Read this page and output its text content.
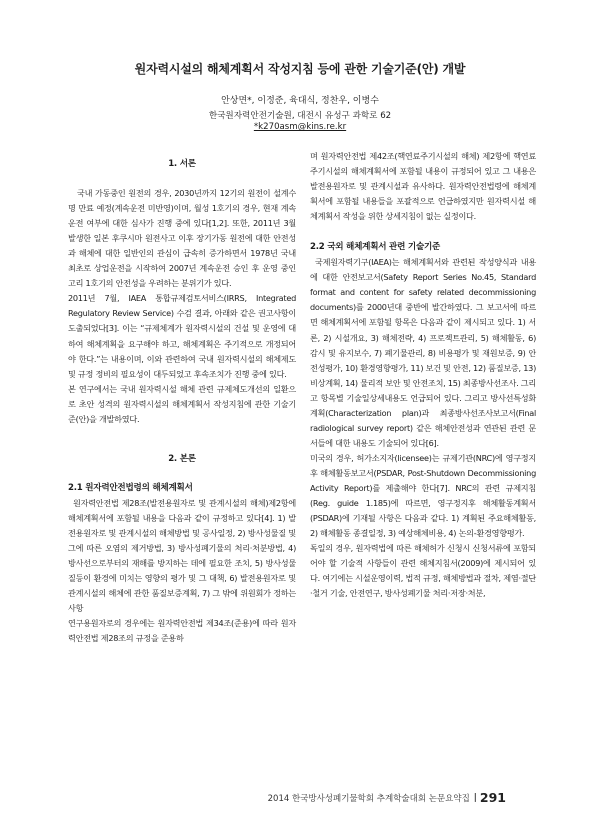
원자력시설의 해체계획서 작성지침 등에 관한 기술기준(안) 개발
안상면*, 이정준, 육대식, 정찬우, 이병수
한국원자력안전기술원, 대전시 유성구 과학로 62
*k270asm@kins.re.kr
1. 서론

국내 가동중인 원전의 경우, 2030년까지 12기의 원전이 설계수명 만료 예정(계속운전 미반영)이며, 월성 1호기의 경우, 현재 계속운전 여부에 대한 심사가 진행 중에 있다[1,2]. 또한, 2011년 3월 발생한 일본 후쿠시마 원전사고 이후 장기가동 원전에 대한 안전성과 해체에 대한 일반인의 관심이 급속히 증가하면서 1978년 국내 최초로 상업운전을 시작하여 2007년 계속운전 승인 후 운영 중인 고리 1호기의 안전성을 우려하는 분위기가 있다.

2011년 7월, IAEA 통합규제검토서비스(IRRS, Integrated Regulatory Review Service) 수검 결과, 아래와 같은 권고사항이 도출되었다[3]. 이는 “규제체계가 원자력시설의 건설 및 운영에 대하여 해체계획을 요구해야 하고, 해체계획은 주기적으로 개정되어야 한다.”는 내용이며, 이와 관련하여 국내 원자력시설의 해체제도 및 규정 정비의 필요성이 대두되었고 후속조치가 진행 중에 있다.

본 연구에서는 국내 원자력시설 해체 관련 규제체도개선의 일환으로 초안 성격의 원자력시설의 해체계획서 작성지침에 관한 기술기준(안)을 개발하였다.

2. 본론
2.1 원자력안전법령의 해체계획서

원자력안전법 제28조(발전용원자로 및 관계시설의 해체)제2항에 해체계획서에 포함될 내용을 다음과 같이 규정하고 있다[4]. 1) 발전용원자로 및 관계시설의 해체방법 및 공사일정, 2) 방사성물질 및 그에 따른 오염의 제거방법, 3) 방사성폐기물의 처리·처분방법, 4) 방사선으로부터의 재해를 방지하는 데에 필요한 조치, 5) 방사성물질등이 환경에 미치는 영향의 평가 및 그 대책, 6) 발전용원자로 및 관계시설의 해체에 관한 품질보증계획, 7) 그 밖에 위원회가 정하는 사항

연구용원자로의 경우에는 원자력안전법 제34조(준용)에 따라 원자력안전법 제28조의 규정을 준용하

며 원자력안전법 제42조(핵연료주기시설의 해체) 제2항에 핵연료주기시설의 해체계획서에 포함될 내용이 규정되어 있고 그 내용은 발전용원자로 및 관계시설과 유사하다. 원자력안전법령에 해체계획서에 포함될 내용들을 포괄적으로 언급하였지만 원자력시설 해체계획서 작성을 위한 상세지침이 없는 실정이다.

2.2 국외 해체계획서 관련 기술기준

국제원자력기구(IAEA)는 해체계획서와 관련된 작성양식과 내용에 대한 안전보고서(Safety Report Series No.45, Standard format and content for safety related decommissioning documents)를 2000년대 중반에 발간하였다. 그 보고서에 따르면 해체계획서에 포함될 항목은 다음과 같이 제시되고 있다. 1) 서론, 2) 시설개요, 3) 해체전략, 4) 프로젝트관리, 5) 해체활동, 6) 감시 및 유지보수, 7) 폐기물관리, 8) 비용평가 및 재원보증, 9) 안전성평가, 10) 환경영향평가, 11) 보건 및 안전, 12) 품질보증, 13) 비상계획, 14) 물리적 보안 및 안전조치, 15) 최종방사선조사. 그리고 항목별 기술일상세내용도 언급되어 있다. 그리고 방사선특성화계획(Characterization plan)과 최종방사선조사보고서(Final radiological survey report) 같은 해체안전성과 연관된 관련 문서들에 대한 내용도 기술되어 있다[6].

미국의 경우, 허가소지자(licensee)는 규제기관(NRC)에 영구정지후 해체활동보고서(PSDAR, Post-Shutdown Decommissioning Activity Report)를 제출해야 한다[7]. NRC의 관련 규제지침(Reg. guide 1.185)에 따르면, 영구정지후 해체활동계획서(PSDAR)에 기재될 사항은 다음과 같다. 1) 계획된 주요해체활동, 2) 해체활동 종결일정, 3) 예상해체비용, 4) 논의-환경영향평가.

독일의 경우, 원자력법에 따른 해체허가 신청시 신청서류에 포함되어야 할 기술적 사항들이 관련 해체지침서(2009)에 제시되어 있다. 여기에는 시설운영이력, 법적 규정, 해체방법과 절차, 제염·절단·철거 기술, 안전연구, 방사성폐기물 처리·저장·처분,

2014 한국방사성폐기물학회 추계학술대회 논문요약집 | 291
